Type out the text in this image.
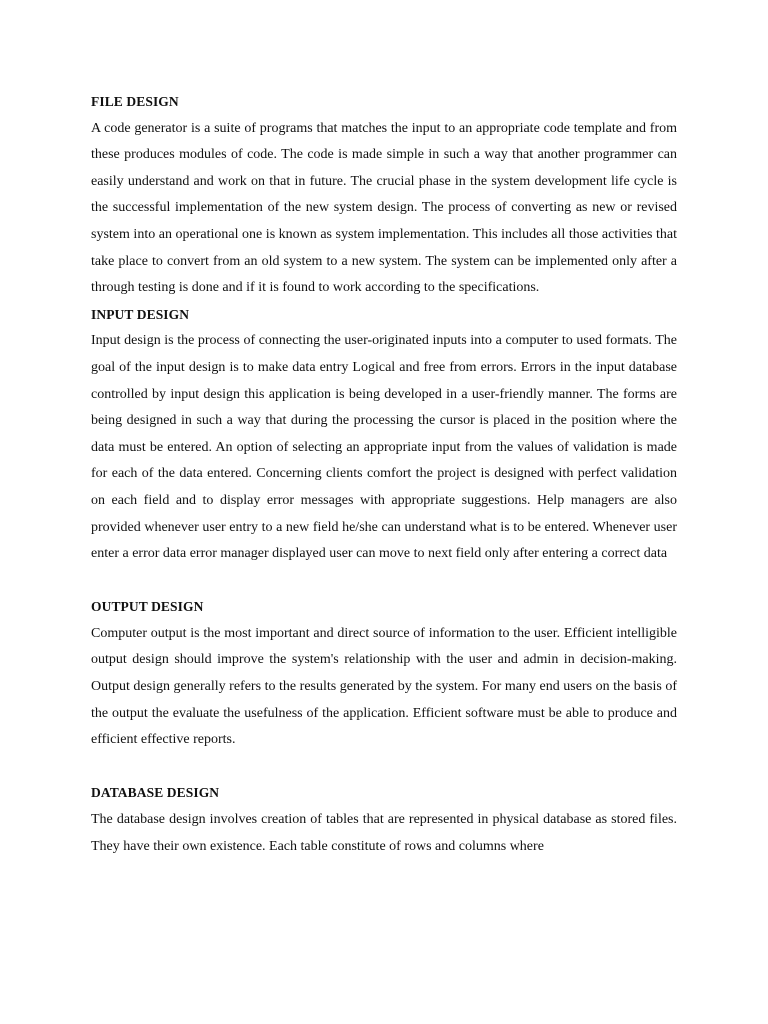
FILE DESIGN

A code generator is a suite of programs that matches the input to an appropriate code template and from these produces modules of code. The code is made simple in such a way that another programmer can easily understand and work on that in future. The crucial phase in the system development life cycle is the successful implementation of the new system design. The process of converting as new or revised system into an operational one is known as system implementation. This includes all those activities that take place to convert from an old system to a new system. The system can be implemented only after a through testing is done and if it is found to work according to the specifications.

INPUT DESIGN

Input design is the process of connecting the user-originated inputs into a computer to used formats. The goal of the input design is to make data entry Logical and free from errors. Errors in the input database controlled by input design this application is being developed in a user-friendly manner. The forms are being designed in such a way that during the processing the cursor is placed in the position where the data must be entered. An option of selecting an appropriate input from the values of validation is made for each of the data entered. Concerning clients comfort the project is designed with perfect validation on each field and to display error messages with appropriate suggestions. Help managers are also provided whenever user entry to a new field he/she can understand what is to be entered. Whenever user enter a error data error manager displayed user can move to next field only after entering a correct data

OUTPUT DESIGN

Computer output is the most important and direct source of information to the user. Efficient intelligible output design should improve the system's relationship with the user and admin in decision-making. Output design generally refers to the results generated by the system. For many end users on the basis of the output the evaluate the usefulness of the application. Efficient software must be able to produce and efficient effective reports.

DATABASE DESIGN

The database design involves creation of tables that are represented in physical database as stored files. They have their own existence. Each table constitute of rows and columns where
